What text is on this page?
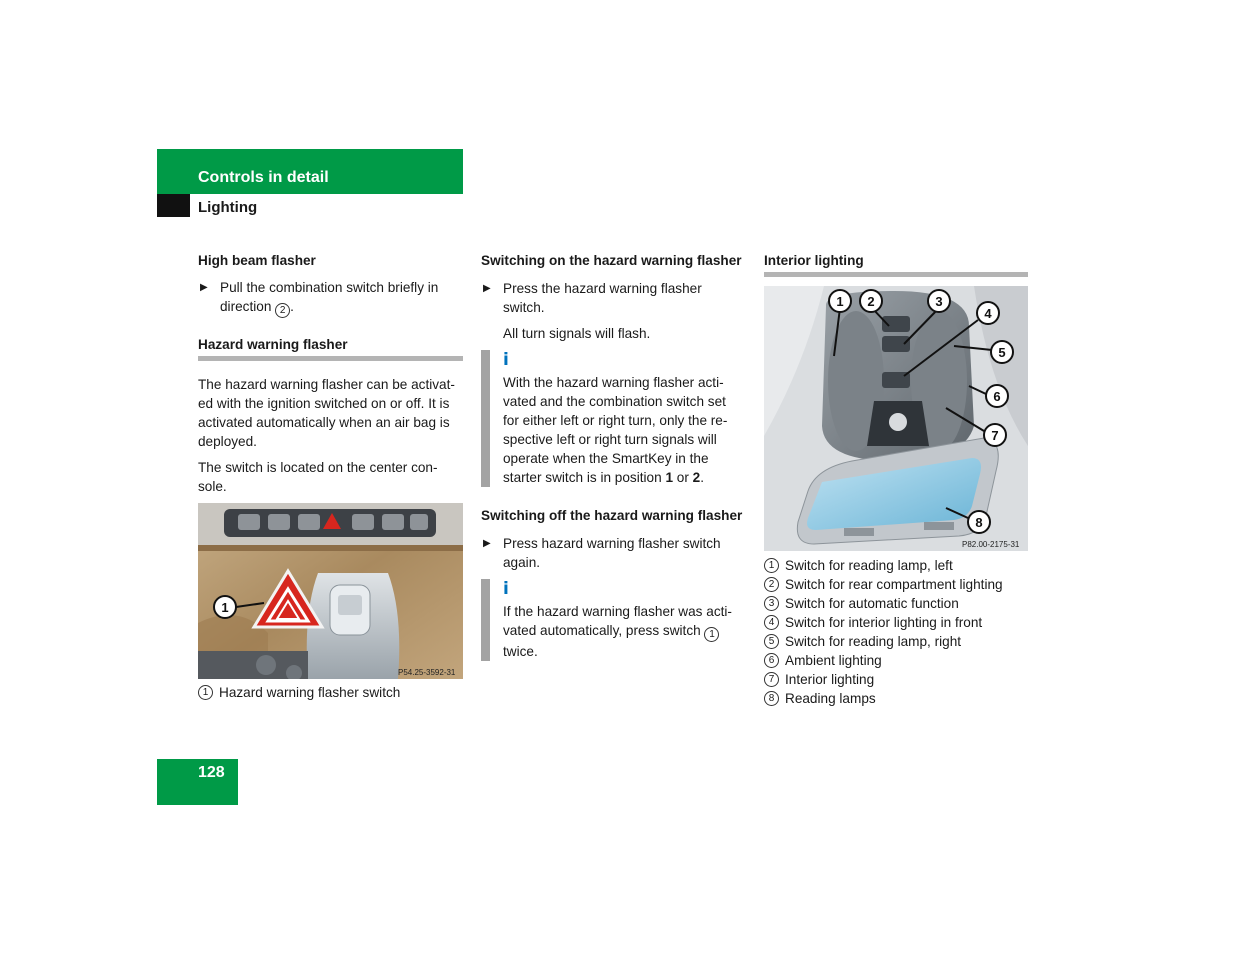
Controls in detail
Lighting
High beam flasher
▶ Pull the combination switch briefly in direction 2 .
Hazard warning flasher

The hazard warning flasher can be activat-ed with the ignition switched on or off. It is activated automatically when an air bag is deployed.

The switch is located on the center con-sole.

1
P54.25-3592-31
1 Hazard warning flasher switch
Switching on the hazard warning flasher
▶ Press the hazard warning flasher switch.

All turn signals will flash.

i

With the hazard warning flasher acti-vated and the combination switch set for either left or right turn, only the re-spective left or right turn signals will operate when the SmartKey in the starter switch is in position 1 or 2.

Switching off the hazard warning flasher
▶ Press hazard warning flasher switch again.
i

If the hazard warning flasher was acti-vated automatically, press switch 1 twice.

Interior lighting
1 2	3
4
5
6
7
8
P82.00-2175-31
1 Switch for reading lamp, left
2 Switch for rear compartment lighting
3 Switch for automatic function
4 Switch for interior lighting in front
5 Switch for reading lamp, right
6 Ambient lighting
7 Interior lighting
8 Reading lamps
128
